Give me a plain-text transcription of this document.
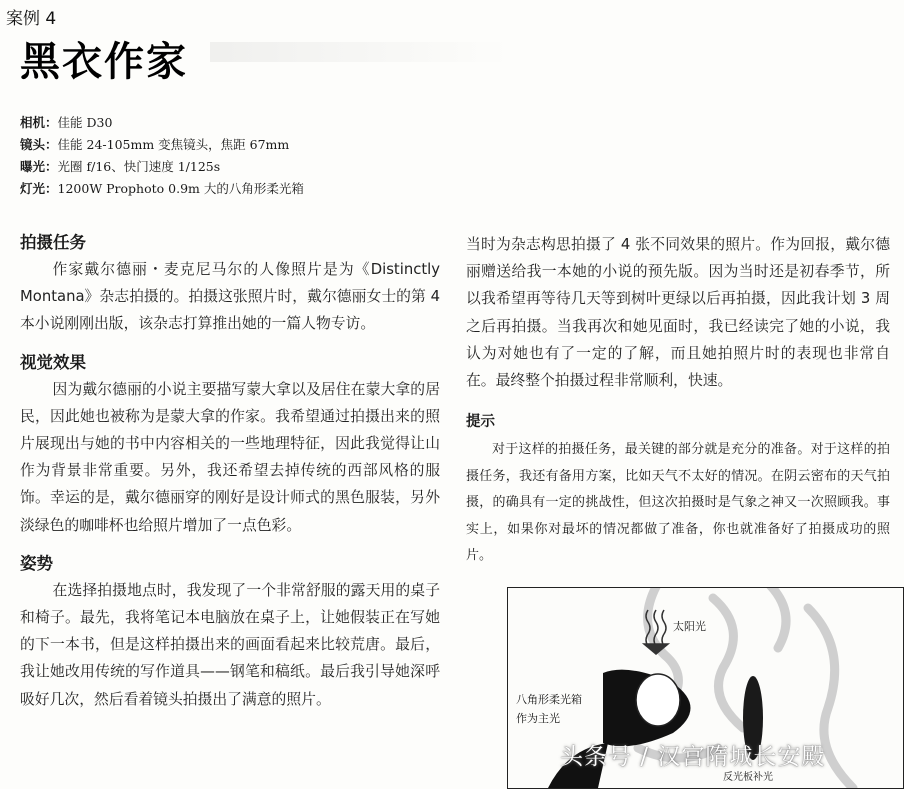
案例 4
黑衣作家
相机：佳能 D30
镜头：佳能 24-105mm 变焦镜头，焦距 67mm
曝光：光圈 f/16、快门速度 1/125s
灯光：1200W Prophoto 0.9m 大的八角形柔光箱
拍摄任务

作家戴尔德丽・麦克尼马尔的人像照片是为《Distinctly Montana》杂志拍摄的。拍摄这张照片时，戴尔德丽女士的第 4 本小说刚刚出版，该杂志打算推出她的一篇人物专访。

视觉效果

因为戴尔德丽的小说主要描写蒙大拿以及居住在蒙大拿的居民，因此她也被称为是蒙大拿的作家。我希望通过拍摄出来的照片展现出与她的书中内容相关的一些地理特征，因此我觉得让山作为背景非常重要。另外，我还希望去掉传统的西部风格的服饰。幸运的是，戴尔德丽穿的刚好是设计师式的黑色服装，另外淡绿色的咖啡杯也给照片增加了一点色彩。

姿势

在选择拍摄地点时，我发现了一个非常舒服的露天用的桌子和椅子。最先，我将笔记本电脑放在桌子上，让她假装正在写她的下一本书，但是这样拍摄出来的画面看起来比较荒唐。最后，我让她改用传统的写作道具——钢笔和稿纸。最后我引导她深呼吸好几次，然后看着镜头拍摄出了满意的照片。

当时为杂志构思拍摄了 4 张不同效果的照片。作为回报，戴尔德丽赠送给我一本她的小说的预先版。因为当时还是初春季节，所以我希望再等待几天等到树叶更绿以后再拍摄，因此我计划 3 周之后再拍摄。当我再次和她见面时，我已经读完了她的小说，我认为对她也有了一定的了解，而且她拍照片时的表现也非常自在。最终整个拍摄过程非常顺利，快速。

提示

对于这样的拍摄任务，最关键的部分就是充分的准备。对于这样的拍摄任务，我还有备用方案，比如天气不太好的情况。在阴云密布的天气拍摄，的确具有一定的挑战性，但这次拍摄时是气象之神又一次照顾我。事实上，如果你对最坏的情况都做了准备，你也就准备好了拍摄成功的照片。

太阳光
八角形柔光箱
作为主光
反光板补光
头条号 / 汉宫隋城长安殿
